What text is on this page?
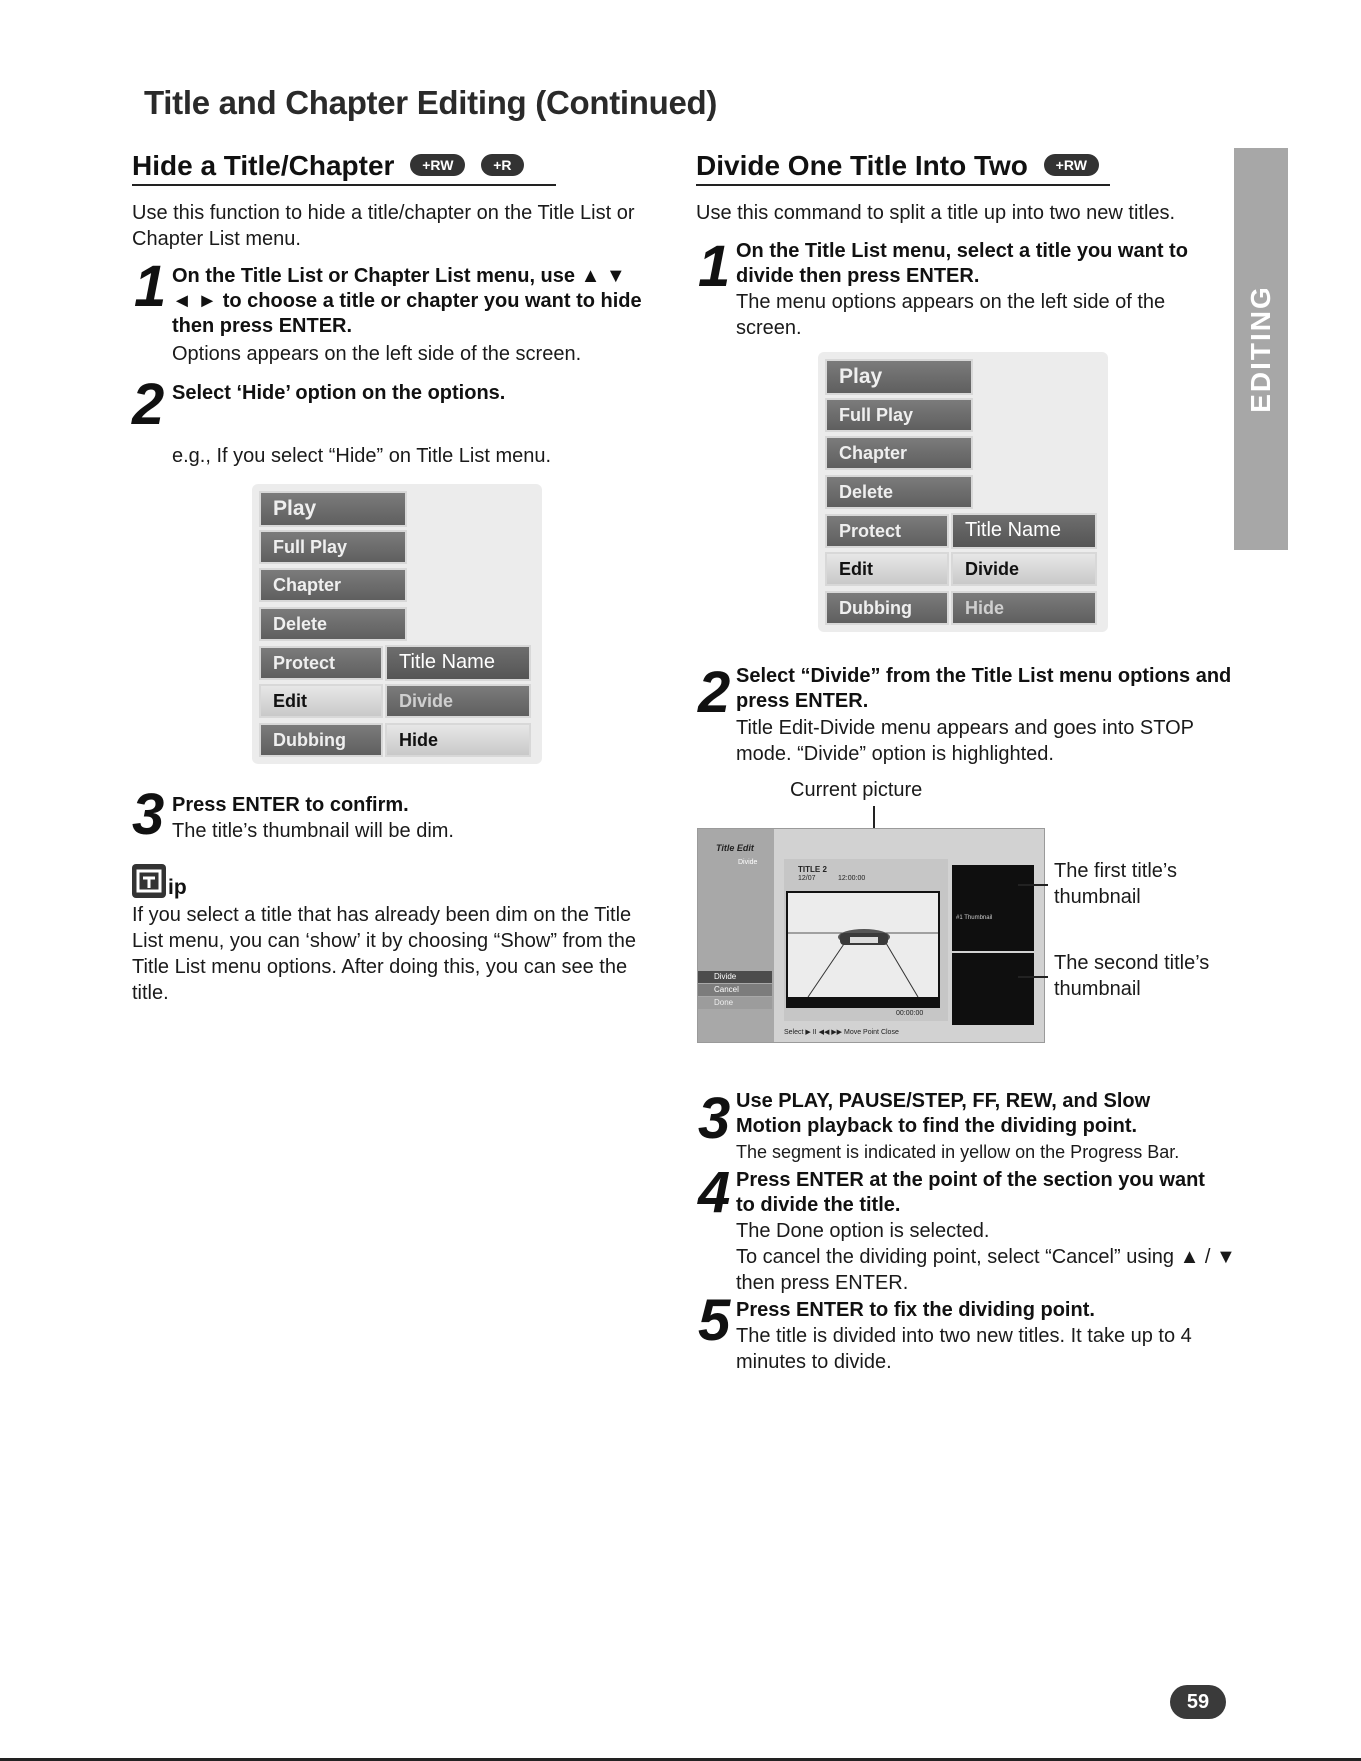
Title and Chapter Editing (Continued)
Hide a Title/Chapter +RW	+R
Use this function to hide a title/chapter on the Title List or Chapter List menu.
1 On the Title List or Chapter List menu, use ▲ ▼ ◄ ► to choose a title or chapter you want to hide then press ENTER.
Options appears on the left side of the screen.
2 Select ‘Hide’ option on the options.
e.g., If you select “Hide” on Title List menu.
Play
Full Play
Chapter
Delete
Protect
Edit
Dubbing
Title Name
Divide
Hide
3 Press ENTER to confirm.
The title’s thumbnail will be dim.
ip
If you select a title that has already been dim on the Title List menu, you can ‘show’ it by choosing “Show” from the Title List menu options. After doing this, you can see the title.
Divide One Title Into Two +RW
Use this command to split a title up into two new titles.
1 On the Title List menu, select a title you want to divide then press ENTER.
The menu options appears on the left side of the screen.
Play
Full Play
Chapter
Delete
Protect
Edit
Dubbing
Title Name
Divide
Hide
2 Select “Divide” from the Title List menu options and press ENTER.
Title Edit-Divide menu appears and goes into STOP mode. “Divide” option is highlighted.
Current picture
Title Edit
Divide
Divide
Cancel
Done
TITLE 2
12/07	12:00:00
00:00:00
#1 Thumbnail
Select ▶ II ◀◀ ▶▶ Move Point Close
The first title’s thumbnail
The second title’s thumbnail
3 Use PLAY, PAUSE/STEP, FF, REW, and Slow Motion playback to find the dividing point.
The segment is indicated in yellow on the Progress Bar.
4 Press ENTER at the point of the section you want to divide the title.
The Done option is selected.
To cancel the dividing point, select “Cancel” using ▲ / ▼ then press ENTER.
5 Press ENTER to fix the dividing point.
The title is divided into two new titles. It take up to 4 minutes to divide.
EDITING
59
